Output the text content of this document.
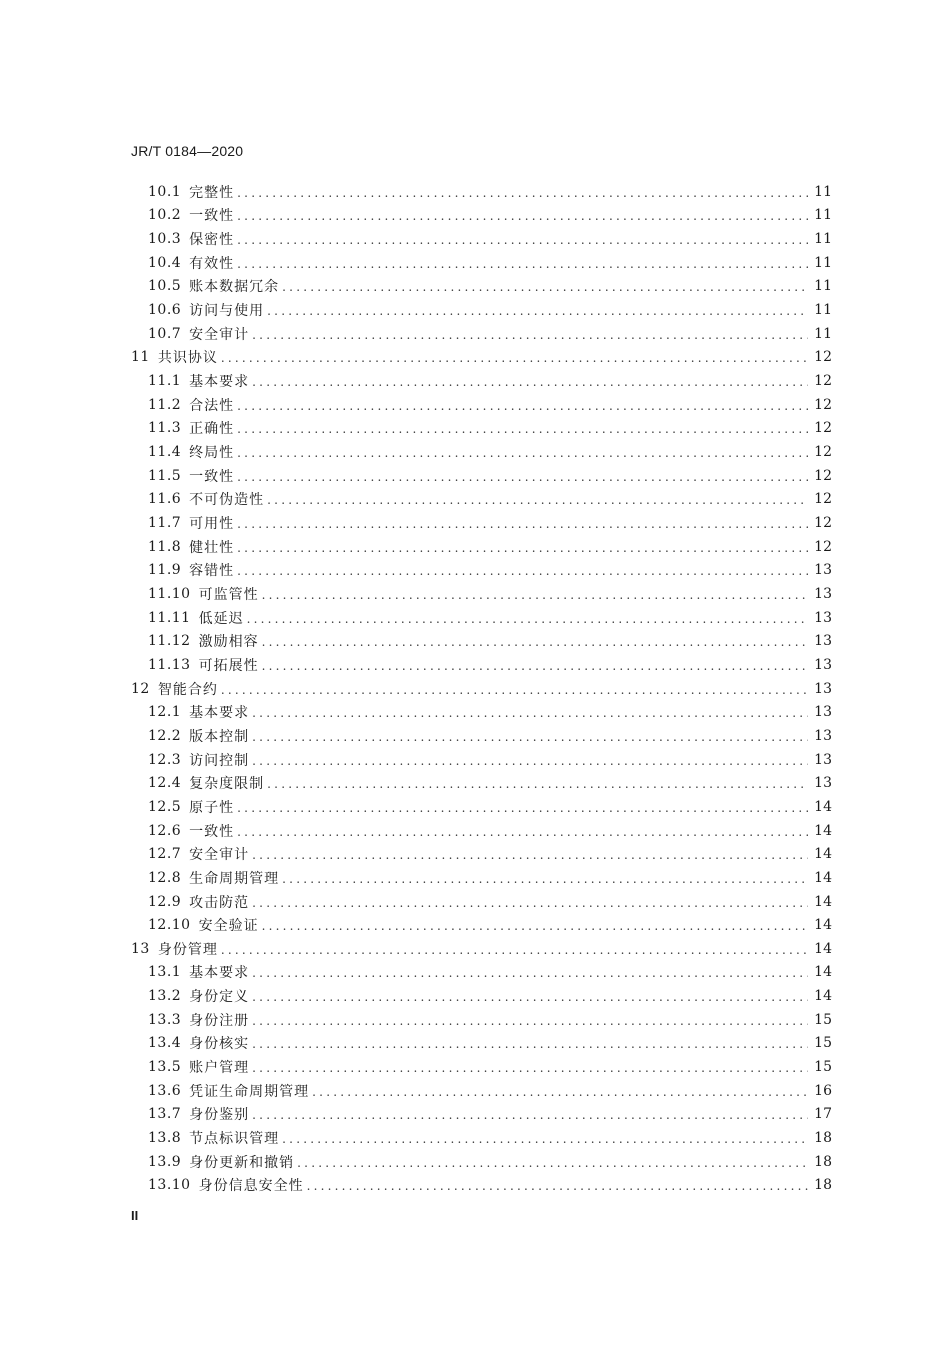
JR/T 0184—2020
10.1 完整性 .....	11
10.2 一致性 .....	11
10.3 保密性 .....	11
10.4 有效性 .....	11
10.5 账本数据冗余 .....	11
10.6 访问与使用 .....	11
10.7 安全审计 .....	11
11 共识协议 .....	12
11.1 基本要求 .....	12
11.2 合法性 .....	12
11.3 正确性 .....	12
11.4 终局性 .....	12
11.5 一致性 .....	12
11.6 不可伪造性 .....	12
11.7 可用性 .....	12
11.8 健壮性 .....	12
11.9 容错性 .....	13
11.10 可监管性 .....	13
11.11 低延迟 .....	13
11.12 激励相容 .....	13
11.13 可拓展性 .....	13
12 智能合约 .....	13
12.1 基本要求 .....	13
12.2 版本控制 .....	13
12.3 访问控制 .....	13
12.4 复杂度限制 .....	13
12.5 原子性 .....	14
12.6 一致性 .....	14
12.7 安全审计 .....	14
12.8 生命周期管理 .....	14
12.9 攻击防范 .....	14
12.10 安全验证 .....	14
13 身份管理 .....	14
13.1 基本要求 .....	14
13.2 身份定义 .....	14
13.3 身份注册 .....	15
13.4 身份核实 .....	15
13.5 账户管理 .....	15
13.6 凭证生命周期管理 .....	16
13.7 身份鉴别 .....	17
13.8 节点标识管理 .....	18
13.9 身份更新和撤销 .....	18
13.10 身份信息安全性 .....	18
II
